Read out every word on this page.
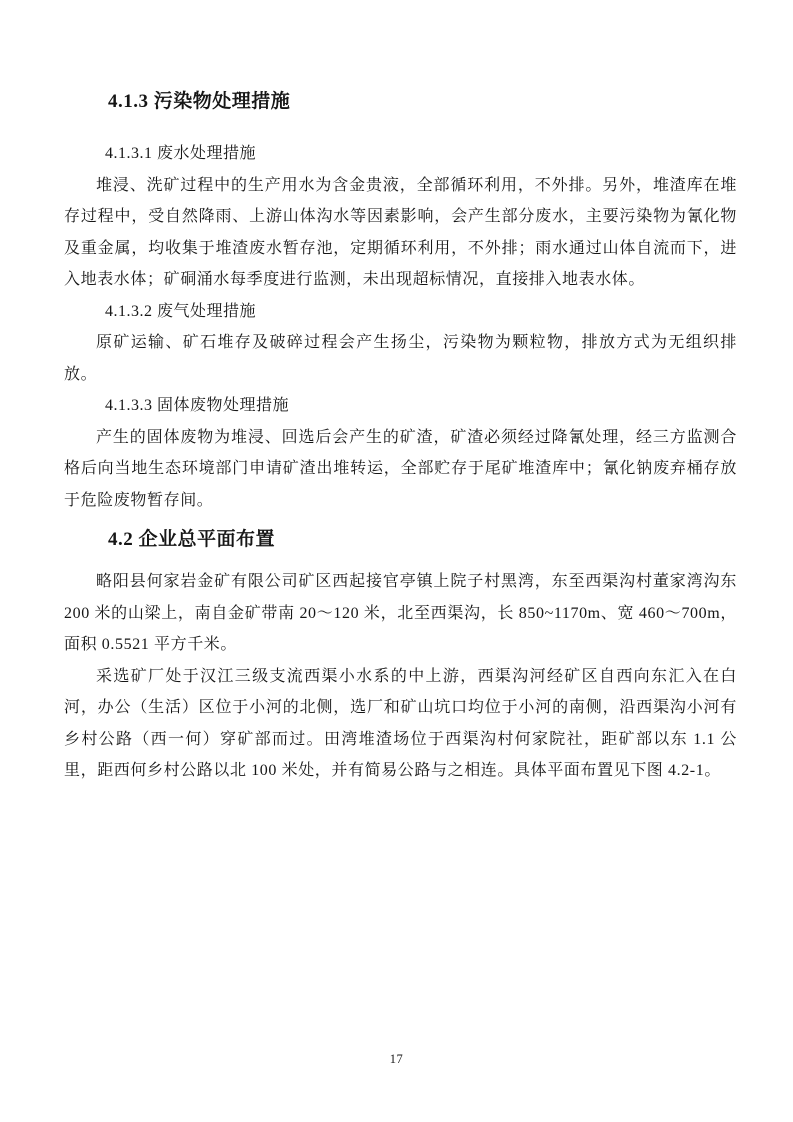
4.1.3 污染物处理措施
4.1.3.1 废水处理措施

堆浸、洗矿过程中的生产用水为含金贵液，全部循环利用，不外排。另外，堆渣库在堆存过程中，受自然降雨、上游山体沟水等因素影响，会产生部分废水，主要污染物为氰化物及重金属，均收集于堆渣废水暂存池，定期循环利用，不外排；雨水通过山体自流而下，进入地表水体；矿硐涌水每季度进行监测，未出现超标情况，直接排入地表水体。

4.1.3.2 废气处理措施

原矿运输、矿石堆存及破碎过程会产生扬尘，污染物为颗粒物，排放方式为无组织排放。

4.1.3.3 固体废物处理措施

产生的固体废物为堆浸、回选后会产生的矿渣，矿渣必须经过降氰处理，经三方监测合格后向当地生态环境部门申请矿渣出堆转运，全部贮存于尾矿堆渣库中；氰化钠废弃桶存放于危险废物暂存间。

4.2 企业总平面布置

略阳县何家岩金矿有限公司矿区西起接官亭镇上院子村黑湾，东至西渠沟村董家湾沟东 200 米的山梁上，南自金矿带南 20～120 米，北至西渠沟，长 850~1170m、宽 460～700m，面积 0.5521 平方千米。

采选矿厂处于汉江三级支流西渠小水系的中上游，西渠沟河经矿区自西向东汇入在白河，办公（生活）区位于小河的北侧，选厂和矿山坑口均位于小河的南侧，沿西渠沟小河有乡村公路（西一何）穿矿部而过。田湾堆渣场位于西渠沟村何家院社，距矿部以东 1.1 公里，距西何乡村公路以北 100 米处，并有简易公路与之相连。具体平面布置见下图 4.2-1。

17
